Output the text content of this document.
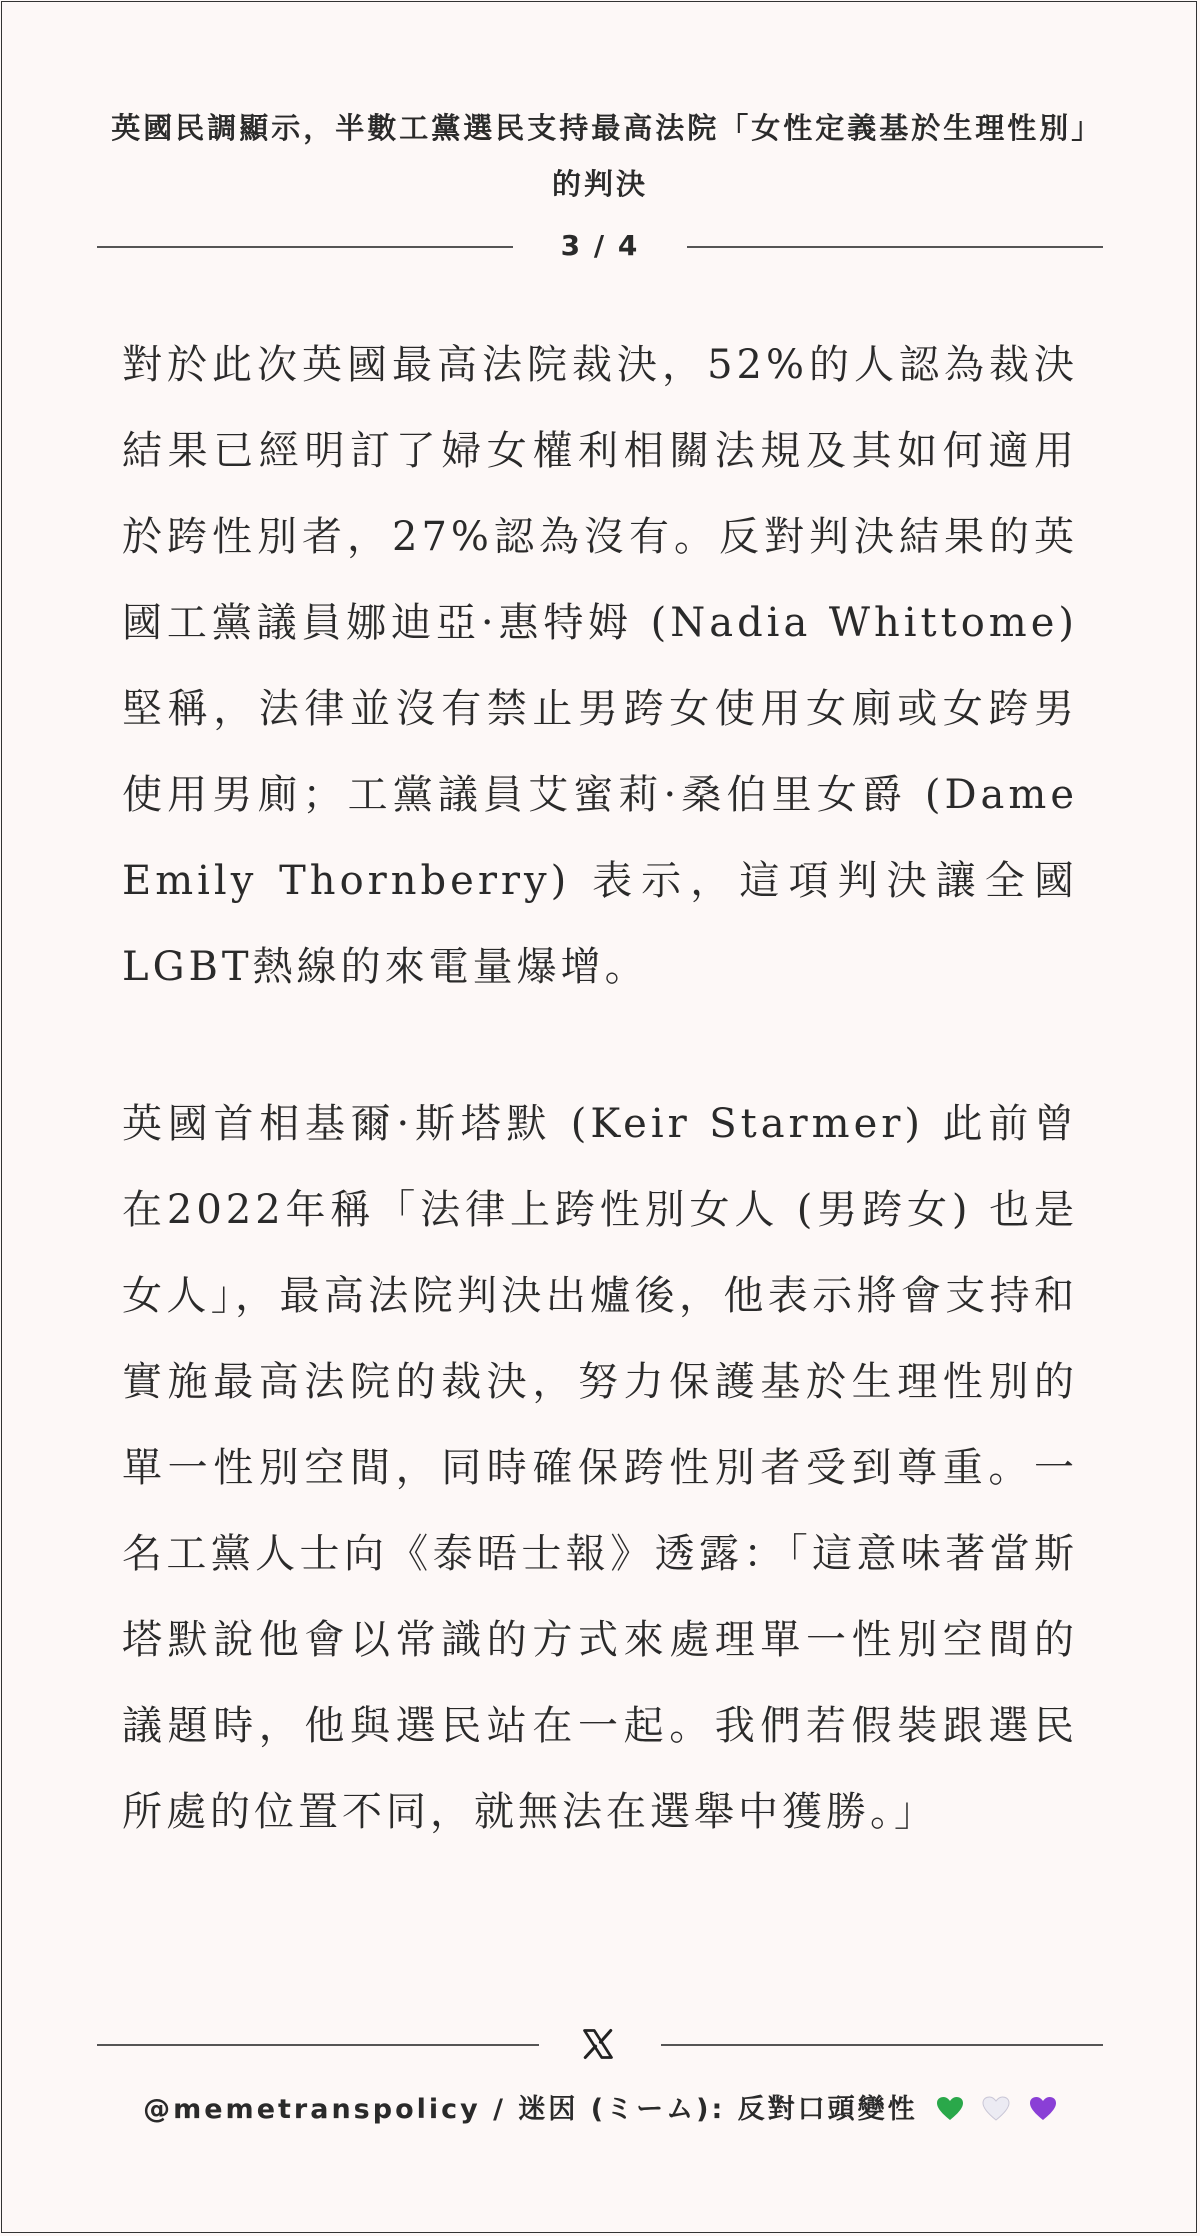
英國民調顯示，半數工黨選民支持最高法院「女性定義基於生理性別」的判決
3 / 4

對於此次英國最高法院裁決，52%的人認為裁決結果已經明訂了婦女權利相關法規及其如何適用於跨性別者，27%認為沒有。反對判決結果的英國工黨議員娜迪亞·惠特姆 (Nadia Whittome) 堅稱，法律並沒有禁止男跨女使用女廁或女跨男使用男廁；工黨議員艾蜜莉·桑伯里女爵 (Dame Emily Thornberry) 表示，這項判決讓全國LGBT熱線的來電量爆增。

英國首相基爾·斯塔默 (Keir Starmer) 此前曾在2022年稱「法律上跨性別女人 (男跨女) 也是女人」，最高法院判決出爐後，他表示將會支持和實施最高法院的裁決，努力保護基於生理性別的單一性別空間，同時確保跨性別者受到尊重。一名工黨人士向《泰晤士報》透露：「這意味著當斯塔默說他會以常識的方式來處理單一性別空間的議題時，他與選民站在一起。我們若假裝跟選民所處的位置不同，就無法在選舉中獲勝。」

@memetranspolicy / 迷因 (ミーム): 反對口頭變性
